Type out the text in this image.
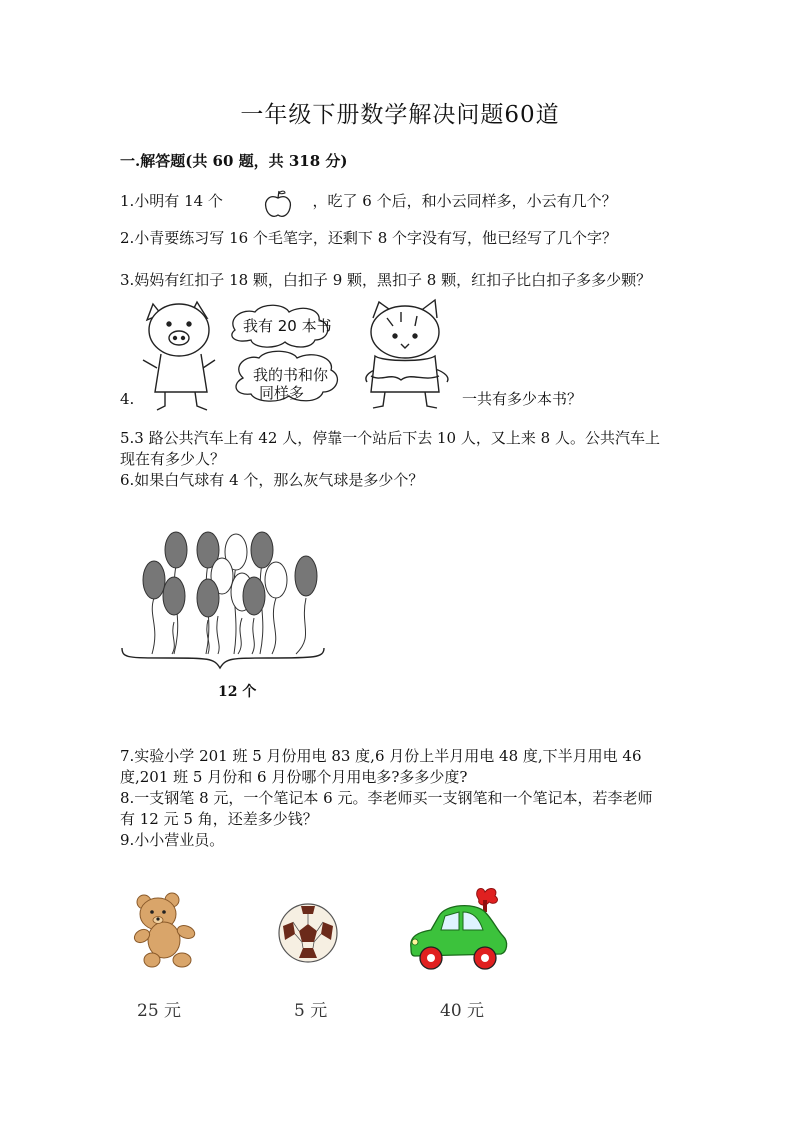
一年级下册数学解决问题60道
一.解答题(共 60 题，共 318 分)
1.小明有 14 个	，吃了 6 个后，和小云同样多，小云有几个？
2.小青要练习写 16 个毛笔字，还剩下 8 个字没有写，他已经写了几个字？
3.妈妈有红扣子 18 颗，白扣子 9 颗，黑扣子 8 颗，红扣子比白扣子多多少颗？
我有 20 本书
我的书和你
同样多
4.	一共有多少本书？
5.3 路公共汽车上有 42 人，停靠一个站后下去 10 人，又上来 8 人。公共汽车上现在有多少人？
6.如果白气球有 4 个，那么灰气球是多少个？
12 个
7.实验小学 201 班 5 月份用电 83 度,6 月份上半月用电 48 度,下半月用电 46 度,201 班 5 月份和 6 月份哪个月用电多?多多少度?
8.一支钢笔 8 元，一个笔记本 6 元。李老师买一支钢笔和一个笔记本，若李老师有 12 元 5 角，还差多少钱？
9.小小营业员。
25 元	5 元	40 元
